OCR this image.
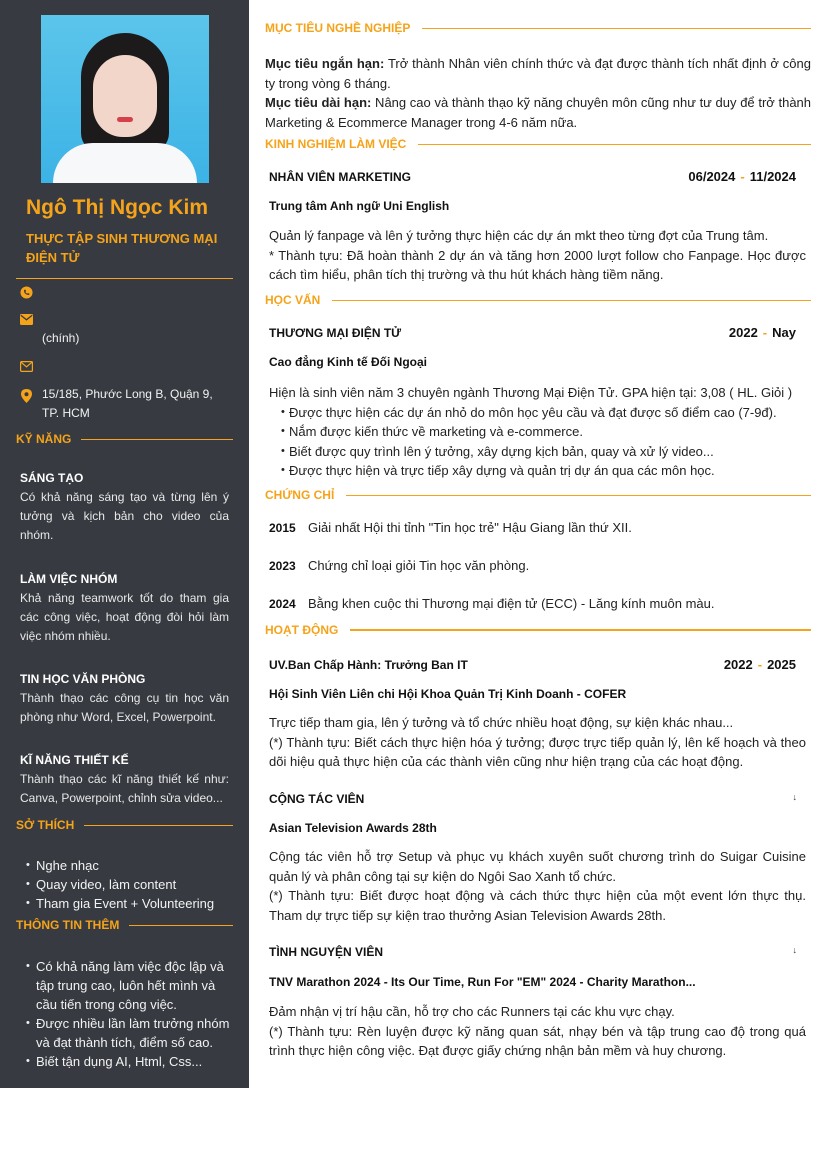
Ngô Thị Ngọc Kim
THỰC TẬP SINH THƯƠNG MẠI ĐIỆN TỬ
(chính)
15/185, Phước Long B, Quận 9, TP. HCM
KỸ NĂNG
SÁNG TẠO
Có khả năng sáng tạo và từng lên ý tưởng và kịch bản cho video của nhóm.
LÀM VIỆC NHÓM
Khả năng teamwork tốt do tham gia các công việc, hoạt động đòi hỏi làm việc nhóm nhiều.
TIN HỌC VĂN PHÒNG
Thành thạo các công cụ tin học văn phòng như Word, Excel, Powerpoint.
KĨ NĂNG THIẾT KẾ
Thành thạo các kĩ năng thiết kế như: Canva, Powerpoint, chỉnh sửa video...
SỞ THÍCH
• Nghe nhạc
• Quay video, làm content
• Tham gia Event + Volunteering
THÔNG TIN THÊM
• Có khả năng làm việc độc lập và tập trung cao, luôn hết mình và cầu tiến trong công việc.
• Được nhiều lần làm trưởng nhóm và đạt thành tích, điểm số cao.
• Biết tận dụng AI, Html, Css...
MỤC TIÊU NGHỀ NGHIỆP
Mục tiêu ngắn hạn: Trở thành Nhân viên chính thức và đạt được thành tích nhất định ở công ty trong vòng 6 tháng.
Mục tiêu dài hạn: Nâng cao và thành thạo kỹ năng chuyên môn cũng như tư duy để trở thành Marketing & Ecommerce Manager trong 4-6 năm nữa.
KINH NGHIỆM LÀM VIỆC
NHÂN VIÊN MARKETING	06/2024 - 11/2024
Trung tâm Anh ngữ Uni English
Quản lý fanpage và lên ý tưởng thực hiện các dự án mkt theo từng đợt của Trung tâm.
* Thành tựu: Đã hoàn thành 2 dự án và tăng hơn 2000 lượt follow cho Fanpage. Học được cách tìm hiểu, phân tích thị trường và thu hút khách hàng tiềm năng.
HỌC VẤN
THƯƠNG MẠI ĐIỆN TỬ	2022 - Nay
Cao đẳng Kinh tế Đối Ngoại
Hiện là sinh viên năm 3 chuyên ngành Thương Mại Điện Tử. GPA hiện tại: 3,08 ( HL. Giỏi )
• Được thực hiện các dự án nhỏ do môn học yêu cầu và đạt được số điểm cao (7-9đ).
• Nắm được kiến thức về marketing và e-commerce.
• Biết được quy trình lên ý tưởng, xây dựng kịch bản, quay và xử lý video...
• Được thực hiện và trực tiếp xây dựng và quản trị dự án qua các môn học.
CHỨNG CHỈ
2015 Giải nhất Hội thi tỉnh "Tin học trẻ" Hậu Giang lần thứ XII.
2023 Chứng chỉ loại giỏi Tin học văn phòng.
2024 Bằng khen cuộc thi Thương mại điện tử (ECC) - Lăng kính muôn màu.
HOẠT ĐỘNG
UV.Ban Chấp Hành: Trưởng Ban IT	2022 - 2025
Hội Sinh Viên Liên chi Hội Khoa Quản Trị Kinh Doanh - COFER
Trực tiếp tham gia, lên ý tưởng và tổ chức nhiều hoạt động, sự kiện khác nhau...
(*) Thành tựu: Biết cách thực hiện hóa ý tưởng; được trực tiếp quản lý, lên kế hoạch và theo dõi hiệu quả thực hiện của các thành viên cũng như hiện trạng của các hoạt động.
CỘNG TÁC VIÊN	↓
Asian Television Awards 28th
Cộng tác viên hỗ trợ Setup và phục vụ khách xuyên suốt chương trình do Suigar Cuisine quản lý và phân công tại sự kiện do Ngôi Sao Xanh tổ chức.
(*) Thành tựu: Biết được hoạt động và cách thức thực hiện của một event lớn thực thụ. Tham dự trực tiếp sự kiện trao thưởng Asian Television Awards 28th.
TÌNH NGUYỆN VIÊN	↓
TNV Marathon 2024 - Its Our Time, Run For "EM" 2024 - Charity Marathon...
Đảm nhận vị trí hậu cần, hỗ trợ cho các Runners tại các khu vực chạy.
(*) Thành tựu: Rèn luyện được kỹ năng quan sát, nhạy bén và tập trung cao độ trong quá trình thực hiện công việc. Đạt được giấy chứng nhận bản mềm và huy chương.
